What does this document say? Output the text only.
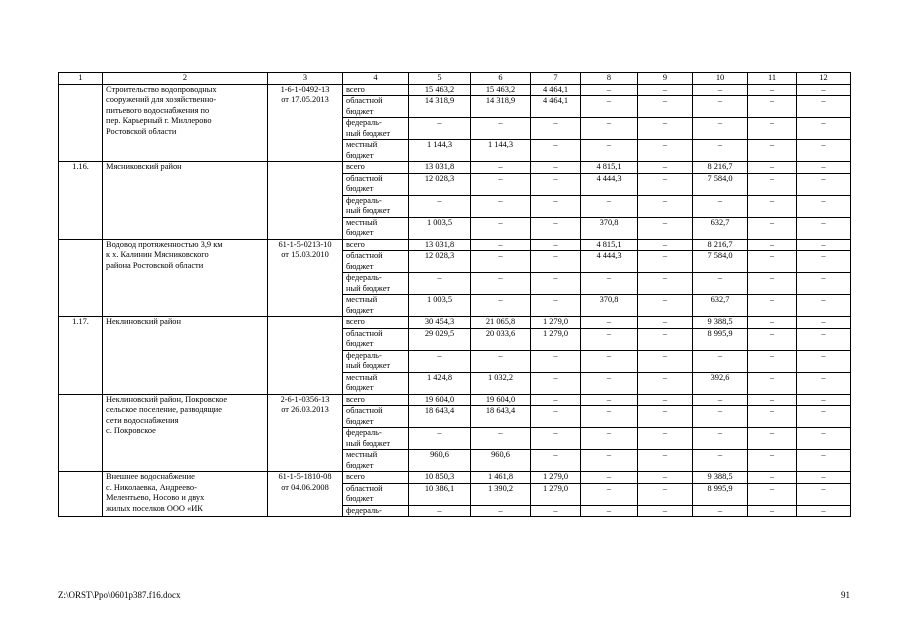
1	2	3	4	5	6	7	8	9	10	11	12
	Строительство водопроводных
сооружений для хозяйственно-
питьевого водоснабжения по
пер. Карьерный г. Миллерово
Ростовской области	1-6-1-0492-13
от 17.05.2013	всего	15 463,2	15 463,2	4 464,1	–	–	–	–	–
			областной
бюджет	14 318,9	14 318,9	4 464,1	–	–	–	–	–
			федераль-
ный бюджет	–	–	–	–	–	–	–	–
			местный
бюджет	1 144,3	1 144,3	–	–	–	–	–	–
1.16.	Мясниковский район		всего	13 031,8	–	–	4 815,1	–	8 216,7	–	–
			областной
бюджет	12 028,3	–	–	4 444,3	–	7 584,0	–	–
			федераль-
ный бюджет	–	–	–	–	–	–	–	–
			местный
бюджет	1 003,5	–	–	370,8	–	632,7	–	–
	Водовод протяженностью 3,9 км
к х. Калинин Мясниковского
района Ростовской области	61-1-5-0213-10
от 15.03.2010	всего	13 031,8	–	–	4 815,1	–	8 216,7	–	–
			областной
бюджет	12 028,3	–	–	4 444,3	–	7 584,0	–	–
			федераль-
ный бюджет	–	–	–	–	–	–	–	–
			местный
бюджет	1 003,5	–	–	370,8	–	632,7	–	–
1.17.	Неклиновский район		всего	30 454,3	21 065,8	1 279,0	–	–	9 388,5	–	–
			областной
бюджет	29 029,5	20 033,6	1 279,0	–	–	8 995,9	–	–
			федераль-
ный бюджет	–	–	–	–	–	–	–	–
			местный
бюджет	1 424,8	1 032,2	–	–	–	392,6	–	–
	Неклиновский район, Покровское
сельское поселение, разводящие
сети водоснабжения
с. Покровское	2-6-1-0356-13
от 26.03.2013	всего	19 604,0	19 604,0	–	–	–	–	–	–
			областной
бюджет	18 643,4	18 643,4	–	–	–	–	–	–
			федераль-
ный бюджет	–	–	–	–	–	–	–	–
			местный
бюджет	960,6	960,6	–	–	–	–	–	–
	Внешнее водоснабжение
с. Николаевка, Андреево-
Мелентьево, Носово и двух
жилых поселков ООО «ИК	61-1-5-1810-08
от 04.06.2008	всего	10 850,3	1 461,8	1 279,0	–	–	9 388,5	–	–
			областной
бюджет	10 386,1	1 390,2	1 279,0	–	–	8 995,9	–	–
			федераль-	–	–	–	–	–	–	–	–
Z:\ORST\Ppo\0601p387.f16.docx	91
